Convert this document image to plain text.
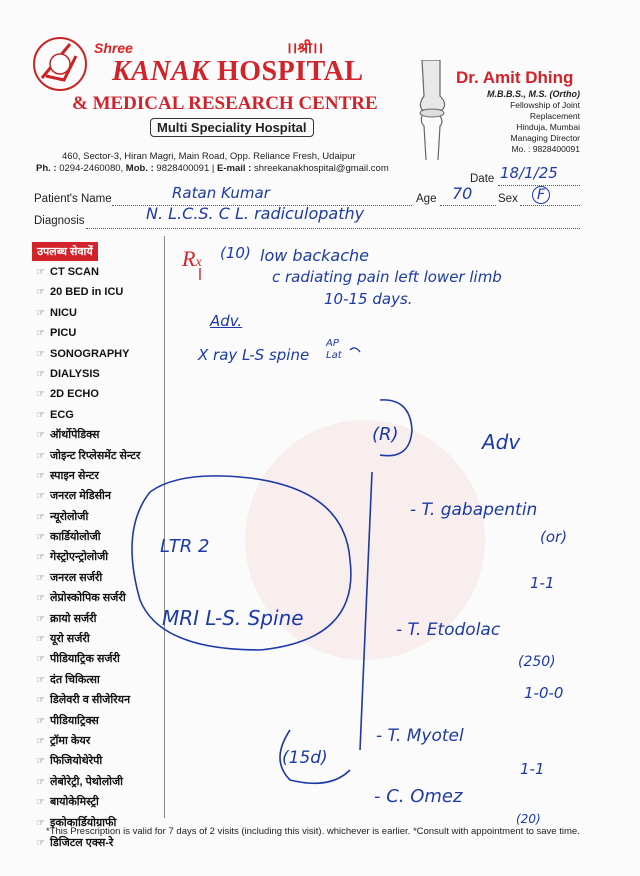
Shree	।।श्री।।
KANAK HOSPITAL
& MEDICAL RESEARCH CENTRE
Multi Speciality Hospital
460, Sector-3, Hiran Magri, Main Road, Opp. Reliance Fresh, Udaipur
Ph. : 0294-2460080, Mob. : 9828400091 | E-mail : shreekanakhospital@gmail.com
Dr. Amit Dhing
M.B.B.S., M.S. (Ortho)
Fellowship of Joint Replacement
Hinduja, Mumbai
Managing Director
Mo. : 9828400091
Date 18/1/25
Patient's Name	Ratan Kumar	Age 70 Sex	F
Diagnosis	N. L.C.S. C L. radiculopathy
उपलब्ध सेवायें
☞ CT SCAN
☞ 20 BED in ICU
☞ NICU
☞ PICU
☞ SONOGRAPHY
☞ DIALYSIS
☞ 2D ECHO
☞ ECG
☞ ऑर्थोपेडिक्स
☞ जोइन्ट रिप्लेसमेंट सेन्टर
☞ स्पाइन सेन्टर
☞ जनरल मेडिसीन
☞ न्यूरोलोजी
☞ कार्डियोलोजी
☞ गेस्ट्रोएन्ट्रोलोजी
☞ जनरल सर्जरी
☞ लेप्रोस्कोपिक सर्जरी
☞ क्रायो सर्जरी
☞ यूरो सर्जरी
☞ पीडियाट्रिक सर्जरी
☞ दंत चिकित्सा
☞ डिलेवरी व सीजेरियन
☞ पीडियाट्रिक्स
☞ ट्रॉमा केयर
☞ फिजियोथेरेपी
☞ लेबोरेट्री, पेथोलोजी
☞ बायोकेमिस्ट्री
☞ इकोकार्डियोग्राफी
☞ डिजिटल एक्स-रे
Rx
(10) low backache
c radiating pain left lower limb
10-15 days.
Adv.
X ray L-S spine
AP Lat
(R)	Adv
LTR 2
MRI L-S. Spine
- T. gabapentin
(or)
1-1
- T. Etodolac
(250)
1-0-0
- T. Myotel
1-1
(15d)
- C. Omez
(20)
*This Prescription is valid for 7 days of 2 visits (including this visit). whichever is earlier. *Consult with appointment to save time.
